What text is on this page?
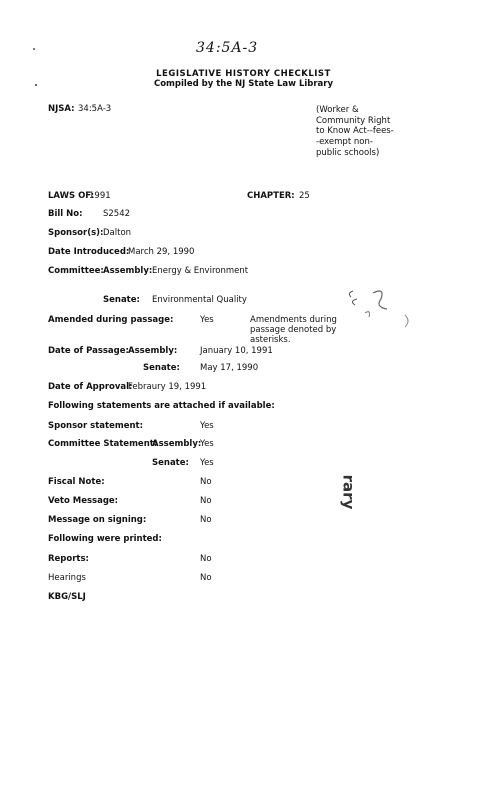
34:5A-3
LEGISLATIVE HISTORY CHECKLIST
Compiled by the NJ State Law Library
NJSA: 34:5A-3	(Worker & Community Right to Know Act--fees--exempt non-public schools)
LAWS OF:
1991	CHAPTER: 25
Bill No: S2542
Sponsor(s): Dalton
Date Introduced:
March 29, 1990
Committee: Assembly: Energy & Environment
Senate: Environmental Quality
Amended during passage:	Yes	Amendments during passage denoted by asterisks.
Date of Passage: Assembly:	January 10, 1991
Senate: May 17, 1990
Date of Approval:
Febraury 19, 1991
Following statements are attached if available:
Sponsor statement:	Yes
Committee Statement:
Assembly:
Yes
Senate: Yes
Fiscal Note:	No
Veto Message:	No
Message on signing:	No
Following were printed:
Reports:	No
Hearings	No
KBG/SLJ
rary
